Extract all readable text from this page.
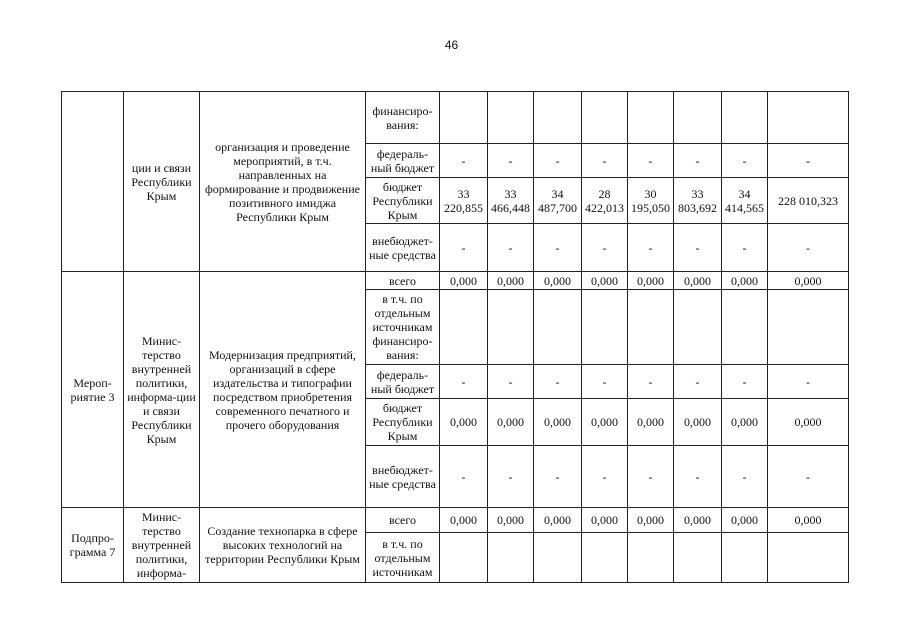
46
	ции и связи Республики Крым	организация и проведение мероприятий, в т.ч. направленных на формирование и продвижение позитивного имиджа Республики Крым	финансиро-вания:								
			федераль-ный бюджет	-	-	-	-	-	-	-	-
			бюджет Республики Крым	33 220,855	33 466,448	34 487,700	28 422,013	30 195,050	33 803,692	34 414,565	228 010,323
			внебюджет-ные средства	-	-	-	-	-	-	-	-
Мероп-риятие 3	Минис-терство внутренней политики, информа-ции и связи Республики Крым	Модернизация предприятий, организаций в сфере издательства и типографии посредством приобретения современного печатного и прочего оборудования	всего	0,000	0,000	0,000	0,000	0,000	0,000	0,000	0,000
			в т.ч. по отдельным источникам финансиро-вания:								
			федераль-ный бюджет	-	-	-	-	-	-	-	-
			бюджет Республики Крым	0,000	0,000	0,000	0,000	0,000	0,000	0,000	0,000
			внебюджет-ные средства	-	-	-	-	-	-	-	-
Подпро-грамма 7	Минис-терство внутренней политики, информа-	Создание технопарка в сфере высоких технологий на территории Республики Крым	всего	0,000	0,000	0,000	0,000	0,000	0,000	0,000	0,000
			в т.ч. по отдельным источникам								
